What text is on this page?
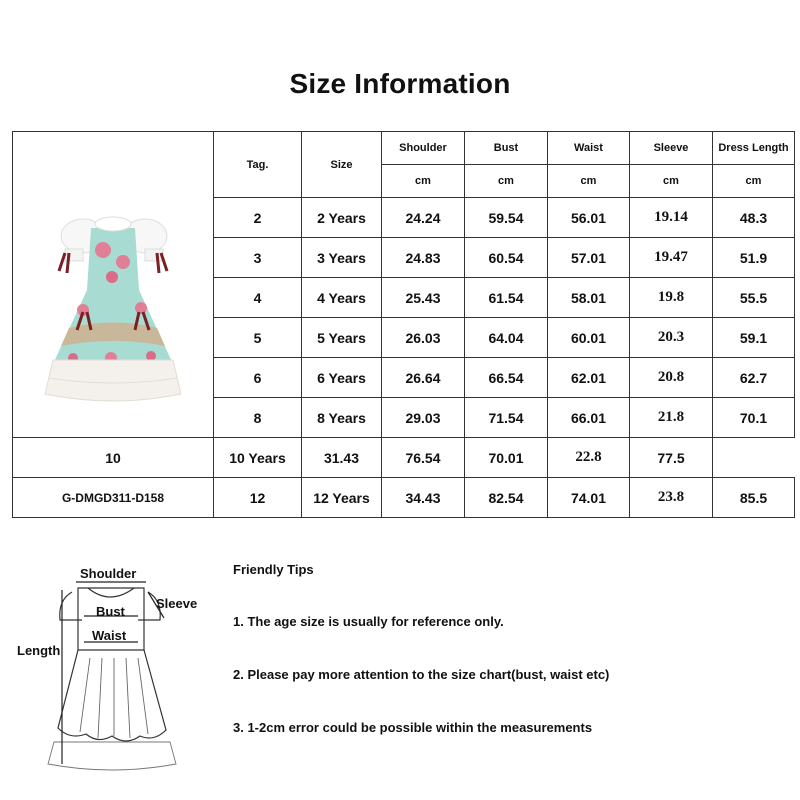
Size Information
	Tag.	Size	Shoulder	Bust	Waist	Sleeve	Dress Length
			cm	cm	cm	cm	cm
	2	2 Years	24.24	59.54	56.01	19.14	48.3
	3	3 Years	24.83	60.54	57.01	19.47	51.9
	4	4 Years	25.43	61.54	58.01	19.8	55.5
	5	5 Years	26.03	64.04	60.01	20.3	59.1
	6	6 Years	26.64	66.54	62.01	20.8	62.7
	8	8 Years	29.03	71.54	66.01	21.8	70.1
10	10 Years	31.43	76.54	70.01	22.8	77.5	
G-DMGD311-D158	12	12 Years	34.43	82.54	74.01	23.8	85.5
Shoulder
Sleeve
Bust
Waist
Length
Friendly Tips
1. The age size is usually for reference only.
2. Please pay more attention to the size chart(bust, waist etc)
3. 1-2cm error could be possible within the measurements
